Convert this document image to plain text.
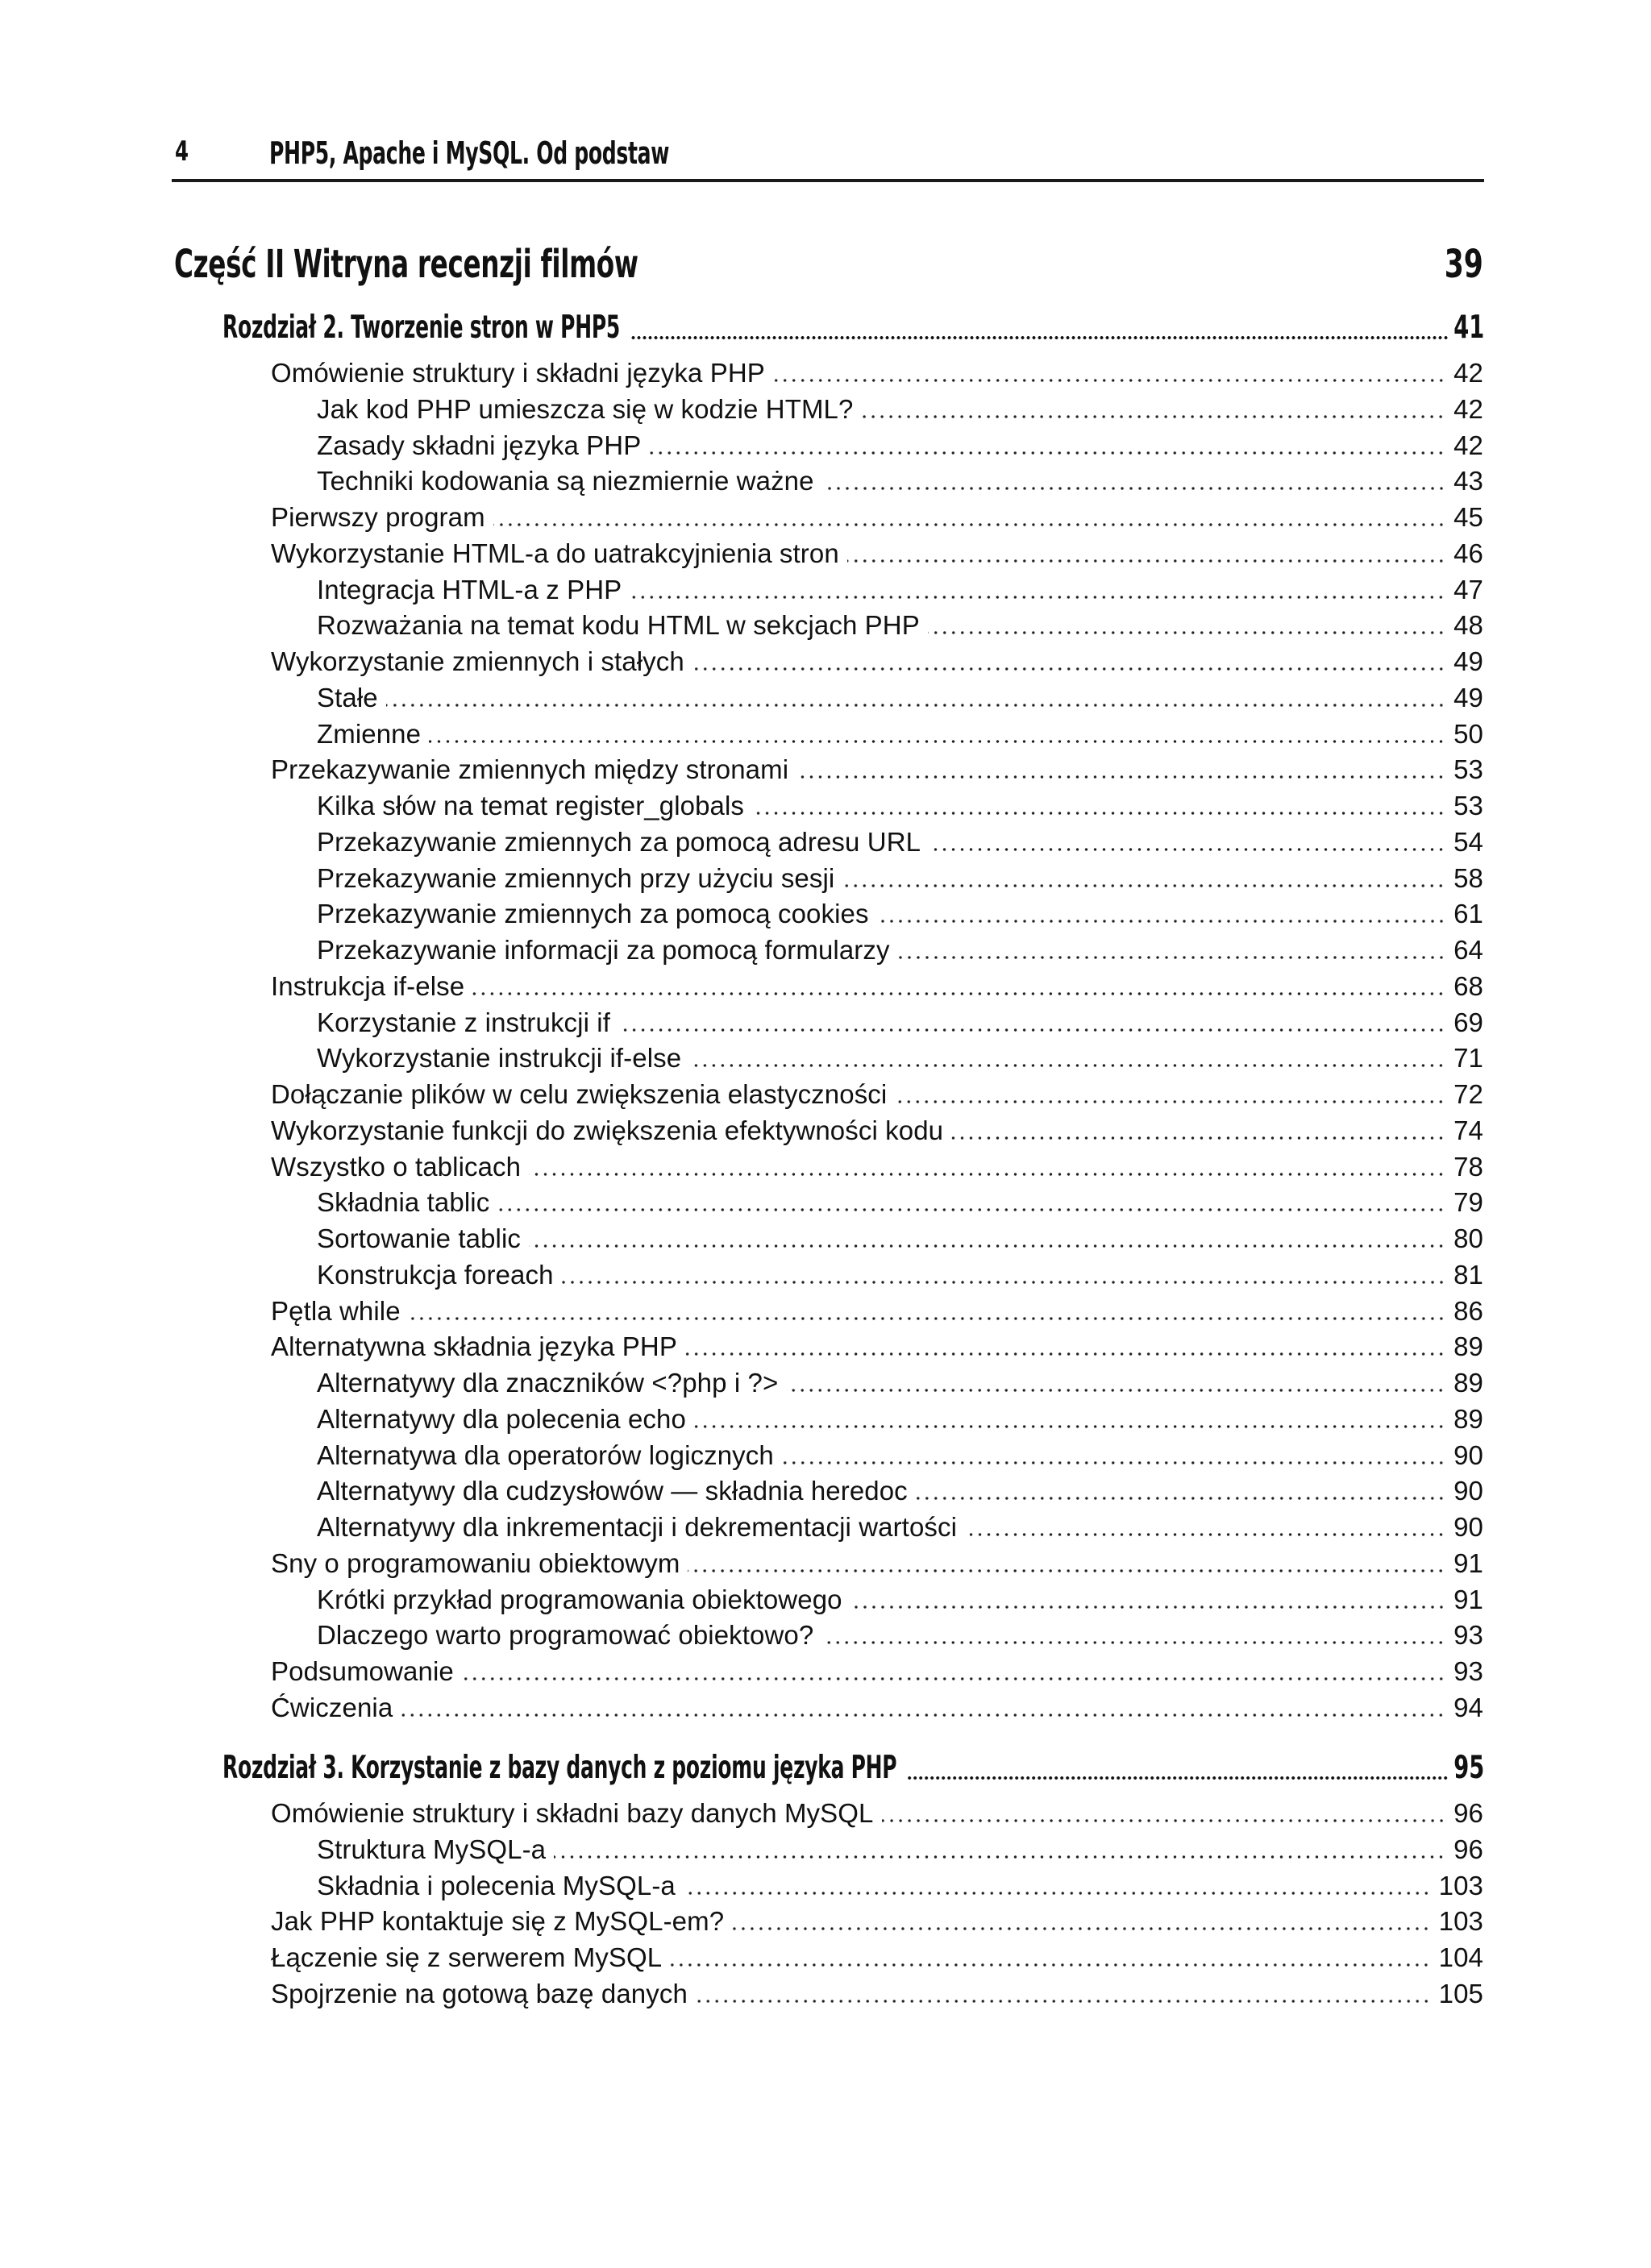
4	PHP5, Apache i MySQL. Od podstaw
Część II Witryna recenzji filmów	39
Rozdział 2. Tworzenie stron w PHP5	41
Omówienie struktury i składni języka PHP	42
Jak kod PHP umieszcza się w kodzie HTML?	42
Zasady składni języka PHP	42
Techniki kodowania są niezmiernie ważne	43
Pierwszy program	45
Wykorzystanie HTML-a do uatrakcyjnienia stron	46
Integracja HTML-a z PHP	47
Rozważania na temat kodu HTML w sekcjach PHP	48
Wykorzystanie zmiennych i stałych	49
Stałe	49
Zmienne	50
Przekazywanie zmiennych między stronami	53
Kilka słów na temat register_globals	53
Przekazywanie zmiennych za pomocą adresu URL	54
Przekazywanie zmiennych przy użyciu sesji	58
Przekazywanie zmiennych za pomocą cookies	61
Przekazywanie informacji za pomocą formularzy	64
Instrukcja if-else	68
Korzystanie z instrukcji if	69
Wykorzystanie instrukcji if-else	71
Dołączanie plików w celu zwiększenia elastyczności	72
Wykorzystanie funkcji do zwiększenia efektywności kodu	74
Wszystko o tablicach	78
Składnia tablic	79
Sortowanie tablic	80
Konstrukcja foreach	81
Pętla while	86
Alternatywna składnia języka PHP	89
Alternatywy dla znaczników <?php i ?>	89
Alternatywy dla polecenia echo	89
Alternatywa dla operatorów logicznych	90
Alternatywy dla cudzysłowów — składnia heredoc	90
Alternatywy dla inkrementacji i dekrementacji wartości	90
Sny o programowaniu obiektowym	91
Krótki przykład programowania obiektowego	91
Dlaczego warto programować obiektowo?	93
Podsumowanie	93
Ćwiczenia	94
Rozdział 3. Korzystanie z bazy danych z poziomu języka PHP	95
Omówienie struktury i składni bazy danych MySQL	96
Struktura MySQL-a	96
Składnia i polecenia MySQL-a	103
Jak PHP kontaktuje się z MySQL-em?	103
Łączenie się z serwerem MySQL	104
Spojrzenie na gotową bazę danych	105
